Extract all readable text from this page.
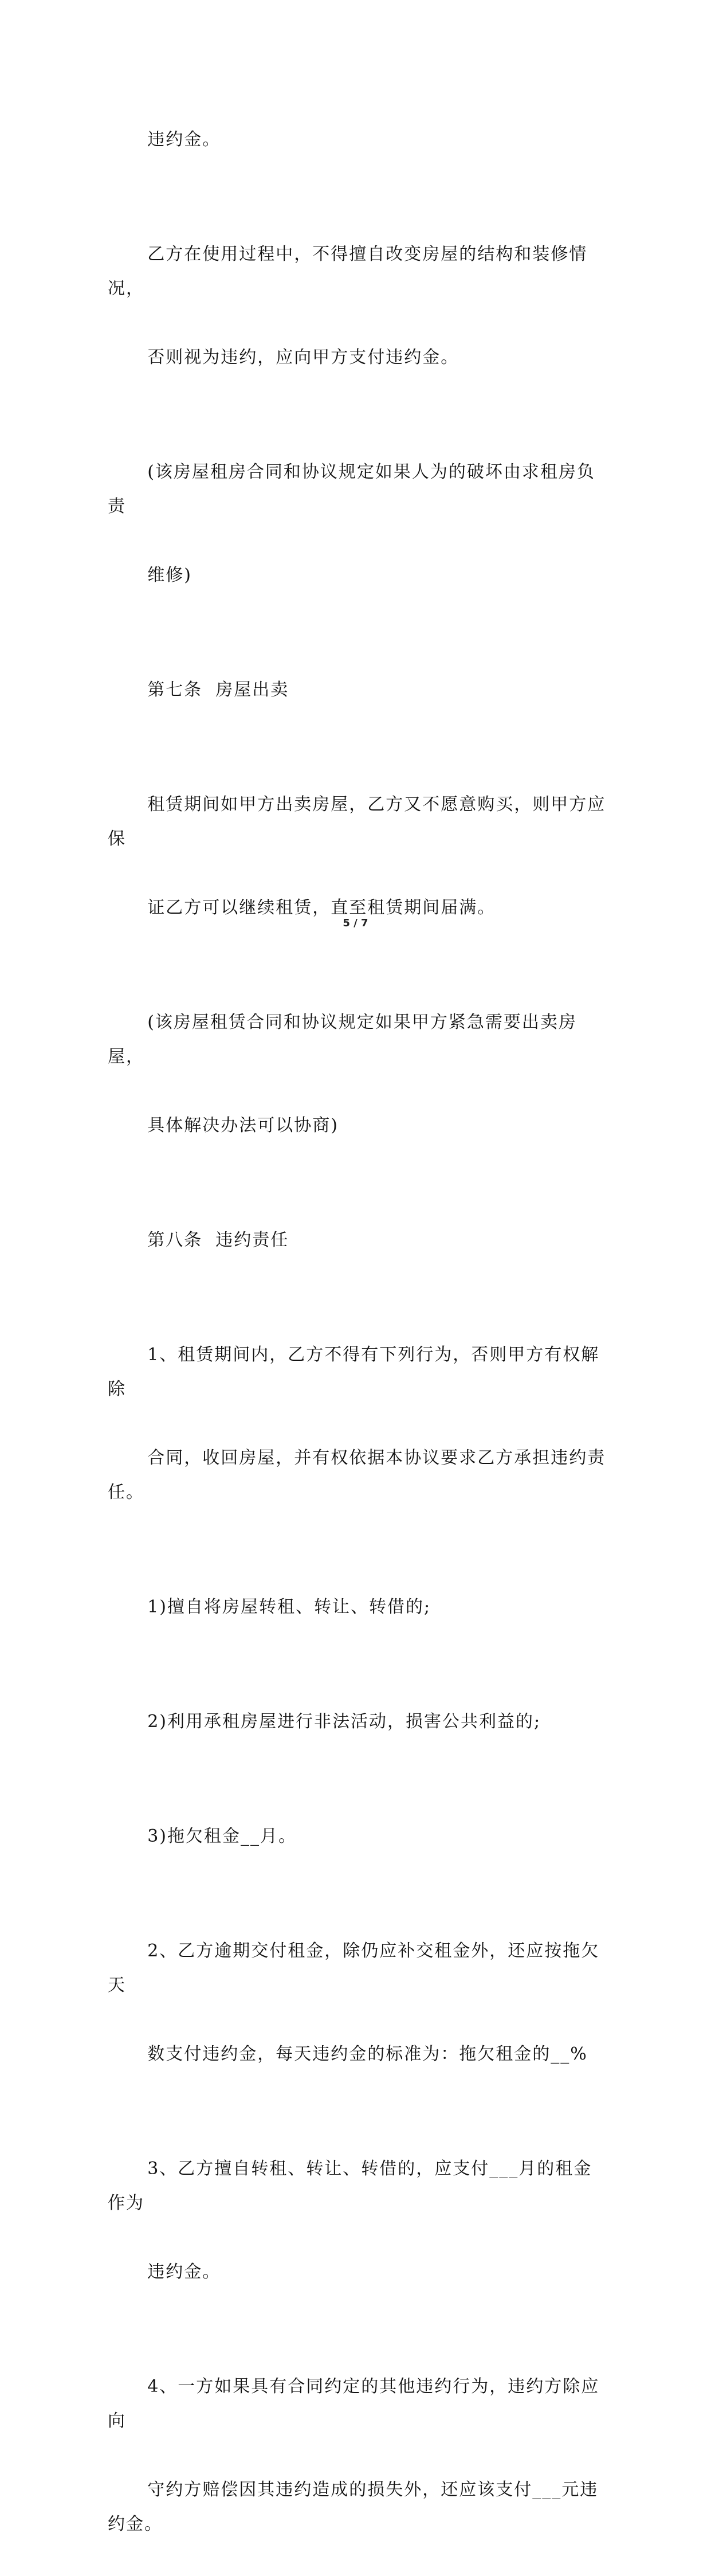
违约金。

乙方在使用过程中，不得擅自改变房屋的结构和装修情况，

否则视为违约，应向甲方支付违约金。

(该房屋租房合同和协议规定如果人为的破坏由求租房负责

维修)

第七条  房屋出卖

租赁期间如甲方出卖房屋，乙方又不愿意购买，则甲方应保

证乙方可以继续租赁，直至租赁期间届满。

(该房屋租赁合同和协议规定如果甲方紧急需要出卖房屋，

具体解决办法可以协商)

第八条  违约责任

1、租赁期间内，乙方不得有下列行为，否则甲方有权解除

合同，收回房屋，并有权依据本协议要求乙方承担违约责任。

1)擅自将房屋转租、转让、转借的;

2)利用承租房屋进行非法活动，损害公共利益的;

3)拖欠租金__月。

2、乙方逾期交付租金，除仍应补交租金外，还应按拖欠天

数支付违约金，每天违约金的标准为：拖欠租金的__%

3、乙方擅自转租、转让、转借的，应支付___月的租金作为

违约金。

4、一方如果具有合同约定的其他违约行为，违约方除应向

守约方赔偿因其违约造成的损失外，还应该支付___元违约金。

5 / 7
